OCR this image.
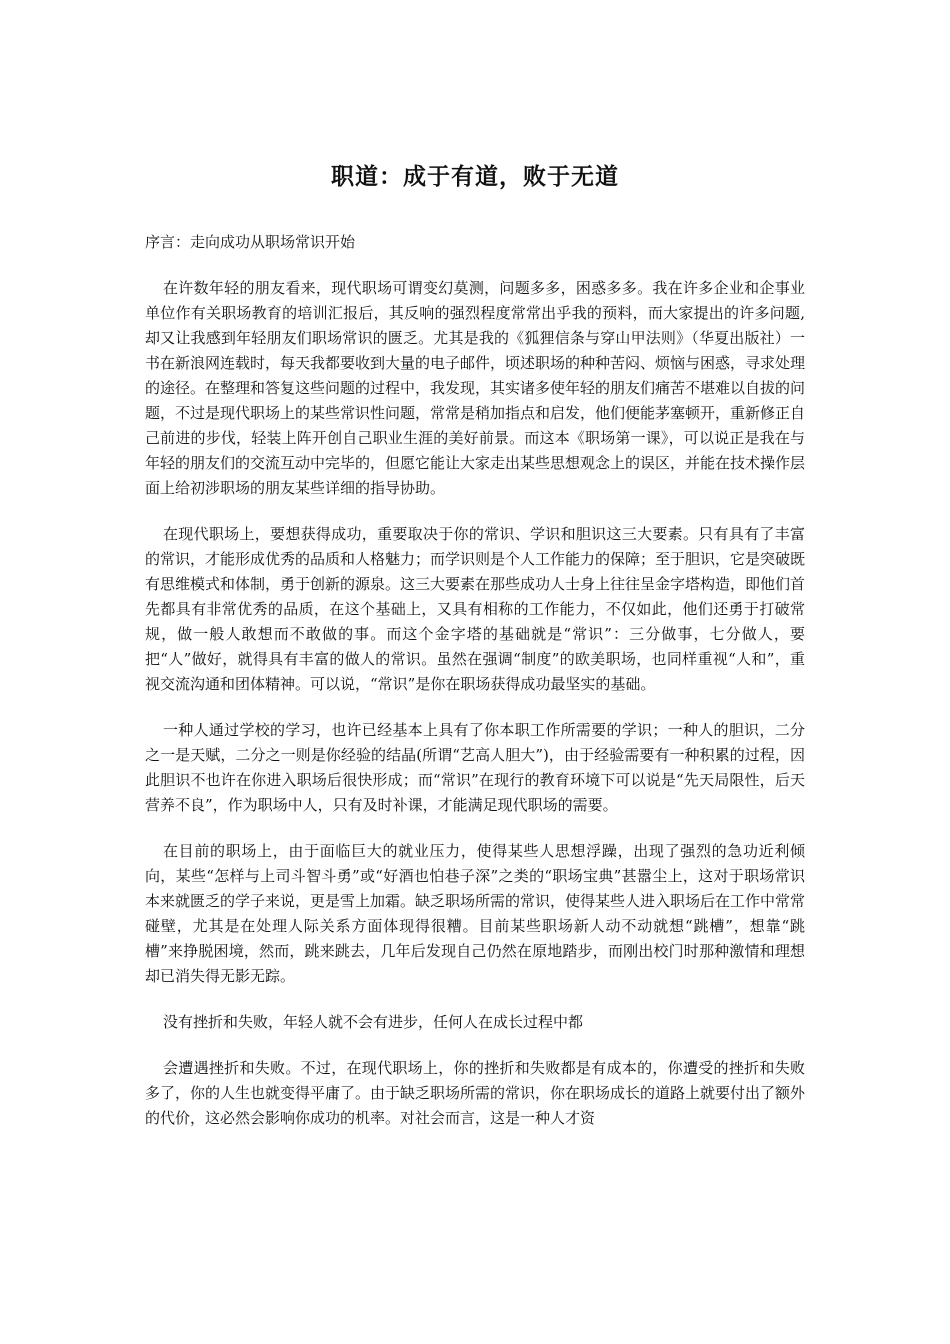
职道：成于有道，败于无道

序言：走向成功从职场常识开始

在许数年轻的朋友看来，现代职场可谓变幻莫测，问题多多，困惑多多。我在许多企业和企事业单位作有关职场教育的培训汇报后，其反响的强烈程度常常出乎我的预料，而大家提出的许多问题,却又让我感到年轻朋友们职场常识的匮乏。尤其是我的《狐狸信条与穿山甲法则》（华夏出版社）一书在新浪网连载时，每天我都要收到大量的电子邮件，顷述职场的种种苦闷、烦恼与困惑，寻求处理的途径。在整理和答复这些问题的过程中，我发现，其实诸多使年轻的朋友们痛苦不堪难以自拔的问题，不过是现代职场上的某些常识性问题，常常是稍加指点和启发，他们便能茅塞顿开，重新修正自己前进的步伐，轻装上阵开创自己职业生涯的美好前景。而这本《职场第一课》，可以说正是我在与年轻的朋友们的交流互动中完毕的，但愿它能让大家走出某些思想观念上的误区，并能在技术操作层面上给初涉职场的朋友某些详细的指导协助。

在现代职场上，要想获得成功，重要取决于你的常识、学识和胆识这三大要素。只有具有了丰富的常识，才能形成优秀的品质和人格魅力；而学识则是个人工作能力的保障；至于胆识，它是突破既有思维模式和体制，勇于创新的源泉。这三大要素在那些成功人士身上往往呈金字塔构造，即他们首先都具有非常优秀的品质，在这个基础上，又具有相称的工作能力，不仅如此，他们还勇于打破常规，做一般人敢想而不敢做的事。而这个金字塔的基础就是“常识”：三分做事，七分做人，要把“人”做好，就得具有丰富的做人的常识。虽然在强调“制度”的欧美职场，也同样重视“人和”，重视交流沟通和团体精神。可以说，“常识”是你在职场获得成功最坚实的基础。

一种人通过学校的学习，也许已经基本上具有了你本职工作所需要的学识；一种人的胆识，二分之一是天赋，二分之一则是你经验的结晶(所谓“艺高人胆大”)，由于经验需要有一种积累的过程，因此胆识不也许在你进入职场后很快形成；而“常识”在现行的教育环境下可以说是“先天局限性，后天营养不良”，作为职场中人，只有及时补课，才能满足现代职场的需要。

在目前的职场上，由于面临巨大的就业压力，使得某些人思想浮躁，出现了强烈的急功近利倾向，某些“怎样与上司斗智斗勇”或“好酒也怕巷子深”之类的“职场宝典”甚嚣尘上，这对于职场常识本来就匮乏的学子来说，更是雪上加霜。缺乏职场所需的常识，使得某些人进入职场后在工作中常常碰壁，尤其是在处理人际关系方面体现得很糟。目前某些职场新人动不动就想“跳槽”，想靠“跳槽”来挣脱困境，然而，跳来跳去，几年后发现自己仍然在原地踏步，而刚出校门时那种激情和理想却已消失得无影无踪。

没有挫折和失败，年轻人就不会有进步，任何人在成长过程中都

会遭遇挫折和失败。不过，在现代职场上，你的挫折和失败都是有成本的，你遭受的挫折和失败多了，你的人生也就变得平庸了。由于缺乏职场所需的常识，你在职场成长的道路上就要付出了额外的代价，这必然会影响你成功的机率。对社会而言，这是一种人才资
